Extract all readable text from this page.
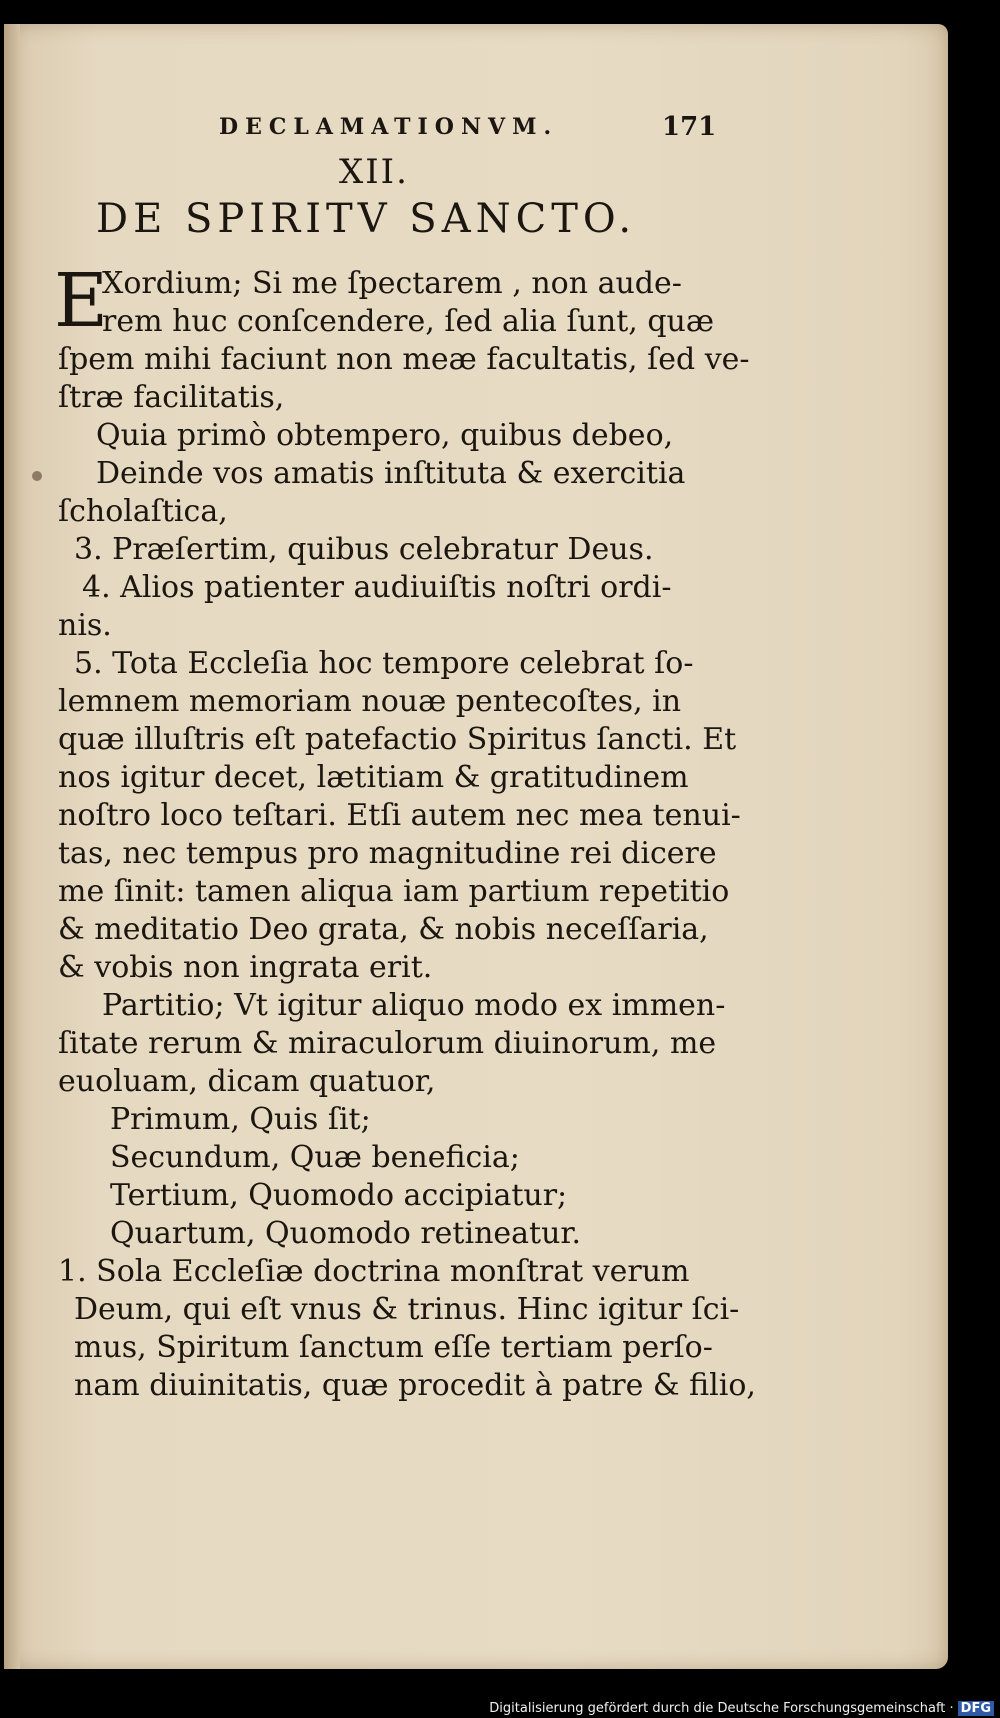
DECLAMATIONVM.	171
XII.
DE SPIRITV SANCTO.
E
Xordium; Si me ſpectarem , non aude-
rem huc conſcendere, ſed alia ſunt, quæ
ſpem mihi faciunt non meæ facultatis, ſed ve-
ſtræ facilitatis,
Quia primò obtempero, quibus debeo,
Deinde vos amatis inſtituta & exercitia
ſcholaſtica,
3. Præſertim, quibus celebratur Deus.
4. Alios patienter audiuiſtis noſtri ordi-
nis.
5. Tota Eccleſia hoc tempore celebrat ſo-
lemnem memoriam nouæ pentecoſtes, in
quæ illuſtris eſt patefactio Spiritus ſancti. Et
nos igitur decet, lætitiam & gratitudinem
noſtro loco teſtari. Etſi autem nec mea tenui-
tas, nec tempus pro magnitudine rei dicere
me ſinit: tamen aliqua iam partium repetitio
& meditatio Deo grata, & nobis neceſſaria,
& vobis non ingrata erit.
Partitio; Vt igitur aliquo modo ex immen-
ſitate rerum & miraculorum diuinorum, me
euoluam, dicam quatuor,
Primum, Quis ſit;
Secundum, Quæ beneficia;
Tertium, Quomodo accipiatur;
Quartum, Quomodo retineatur.
1. Sola Eccleſiæ doctrina monſtrat verum
Deum, qui eſt vnus & trinus. Hinc igitur ſci-
mus, Spiritum ſanctum eſſe tertiam perſo-
nam diuinitatis, quæ procedit à patre & filio,
Digitalisierung gefördert durch die Deutsche Forschungsgemeinschaft · DFG
